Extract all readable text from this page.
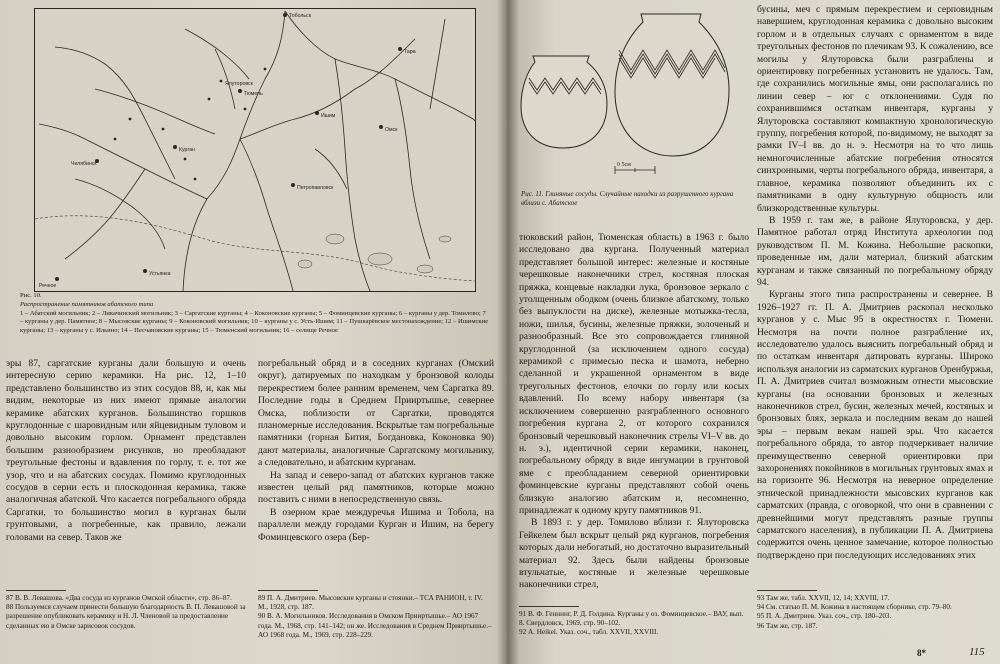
Тобольск
Тюмень
Курган
Челябинск
Петропавловск
Ишим
Омск
Тара
Устьянка
Речное
Ялуторовск
Рис. 10.
Распространение памятников абатского типа
1 – Абатский могильник; 2 – Ликачинский могильник; 3 – Саргатские курганы; 4 – Коконовские курганы; 5 – Фоминцевские курганы; 6 – курганы у дер. Томилово; 7 – курганы у дер. Памятное; 8 – Мысовские курганы; 9 – Коконовский могильник; 10 – курганы у с. Усть-Ишим; 11 – Пушкарёвское местонахождение; 12 – Ишимские курганы; 13 – курганы у с. Ильино; 14 – Песчановские курганы; 15 – Тюменский могильник; 16 – селище Речное

эры 87, саргатские курганы дали большую и очень интересную серию керамики. На рис. 12, 1–10 представлено большинство из этих сосудов 88, и, как мы видим, некоторые из них имеют прямые аналогии керамике абатских курганов. Большинство горшков круглодонные с шаровидным или яйцевидным туловом и довольно высоким горлом. Орнамент представлен большим разнообразием рисунков, но преобладают треугольные фестоны и вдавления по горлу, т. е. тот же узор, что и на абатских сосудах. Помимо круглодонных сосудов в серии есть и плоскодонная керамика, также аналогичная абатской. Что касается погребального обряда Саргатки, то большинство могил в курганах были грунтовыми, а погребенные, как правило, лежали головами на север. Таков же

погребальный обряд и в соседних курганах (Омский округ), датируемых по находкам у бронзовой колоды перекрестием более ранним временем, чем Саргатка 89. Последние годы в Среднем Прииртышье, севернее Омска, поблизости от Саргатки, проводятся планомерные исследования. Вскрытые там погребальные памятники (горная Бития, Богдановка, Коконовка 90) дают материалы, аналогичные Саргатскому могильнику, а следовательно, и абатским курганам.

На запад и северо-запад от абатских курганов также известен целый ряд памятников, которые можно поставить с ними в непосредственную связь.

В озерном крае междуречья Ишима и Тобола, на параллели между городами Курган и Ишим, на берегу Фоминцевского озера (Бер-

87 В. В. Левашова. «Два сосуда из курганов Омской области», стр. 86–87.

88 Пользуемся случаем принести большую благодарность В. П. Левашовой за разрешение опубликовать керамику и Н. Л. Членовой за предоставление сделанных ею в Омске зарисовок сосудов.

89 П. А. Дмитриев. Мысовские курганы и стоянки.– ТСА РАНИОН, т. IV. М., 1928, стр. 187.

90 В. А. Могильников. Исследования в Омском Прииртышье.– АО 1967 года. М., 1968, стр. 141–142; он же. Исследования в Среднем Прииртышье.– АО 1968 года. М., 1969, стр. 228–229.

0 5см
Рис. 11. Глиняные сосуды. Случайные находки из разрушенного кургана вблизи с. Абатское

тюковский район, Тюменская область) в 1963 г. было исследовано два кургана. Полученный материал представляет большой интерес: железные и костяные черешковые наконечники стрел, костяная плоская пряжка, концевые накладки лука, бронзовое зеркало с утолщенным ободком (очень близкое абатскому, только без выпуклости на диске), железные мотыжка-тесла, ножи, шилья, бусины, железные пряжки, золоченый и разнообразный. Все это сопровождается глиняной круглодонной (за исключением одного сосуда) керамикой с примесью песка и шамота, неберно сделанной и украшенной орнаментом в виде треугольных фестонов, елочки по горлу или косых вдавлений. По всему набору инвентаря (за исключением совершенно разграбленного основного погребения кургана 2, от которого сохранился бронзовый черешковый наконечник стрелы VI–V вв. до н. э.), идентичной серии керамики, наконец, погребальному обряду в виде ингумации в грунтовой яме с преобладанием северной ориентировки фоминцевские курганы представляют собой очень близкую аналогию абатским и, несомненно, принадлежат к одному кругу памятников 91.

В 1893 г. у дер. Томилово вблизи г. Ялуторовска Гейкелем был вскрыт целый ряд курганов, погребения которых дали небогатый, но достаточно выразительный материал 92. Здесь были найдены бронзовые втульчатые, костяные и железные черешковые наконечники стрел,

бусины, меч с прямым перекрестием и серповидным навершием, круглодонная керамика с довольно высоким горлом и в отдельных случаях с орнаментом в виде треугольных фестонов по плечикам 93. К сожалению, все могилы у Ялуторовска были разграблены и ориентировку погребенных установить не удалось. Там, где сохранились могильные ямы, они располагались по линии север – юг с отклонениями. Судя по сохранившимся остаткам инвентаря, курганы у Ялуторовска составляют компактную хронологическую группу, погребения которой, по-видимому, не выходят за рамки IV–I вв. до н. э. Несмотря на то что лишь немногочисленные абатские погребения относятся синхронными, черты погребального обряда, инвентаря, а главное, керамика позволяют объединить их с памятниками в одну культурную общность или близкородственные культуры.

В 1959 г. там же, в районе Ялуторовска, у дер. Памятное работал отряд Института археологии под руководством П. М. Кожина. Небольшие раскопки, проведенные им, дали материал, близкий абатским курганам и также связанный по погребальному обряду 94.

Курганы этого типа распространены и севернее. В 1926–1927 гг. П. А. Дмитриев раскопал несколько курганов у с. Мыс 95 в окрестностях г. Тюмени. Несмотря на почти полное разграбление их, исследователю удалось выяснить погребальный обряд и по остаткам инвентаря датировать курганы. Широко используя аналогии из сарматских курганов Оренбуржья, П. А. Дмитриев считал возможным отнести мысовские курганы (на основании бронзовых и железных наконечников стрел, бусин, железных мечей, костяных и бронзовых блях, зеркала и последним векам до нашей эры – первым векам нашей эры. Что касается погребального обряда, то автор подчеркивает наличие преимущественно северной ориентировки при захоронениях покойников в могильных грунтовых ямах и на горизонте 96. Несмотря на неверное определение этнической принадлежности мысовских курганов как сарматских (правда, с оговоркой, что они в сравнении с древнейшими могут представлять разные группы сарматского населения), в публикации П. А. Дмитриева содержится очень ценное замечание, которое полностью подтверждено при последующих исследованиях этих

91 В. Ф. Геннинг, Р. Д. Голдина. Курганы у оз. Фоминцевское.– ВАУ, вып. 8. Свердловск, 1969, стр. 90–102.

92 А. Heikel. Указ. соч., табл. XXVII, XXVIII.

93 Там же, табл. XXVII, 12, 14; XXVIII, 17.

94 См. статью П. М. Кожина в настоящем сборнике, стр. 79–80.

95 П. А. Дмитриев. Указ. соч., стр. 180–203.

96 Там же, стр. 187.

8*	115
